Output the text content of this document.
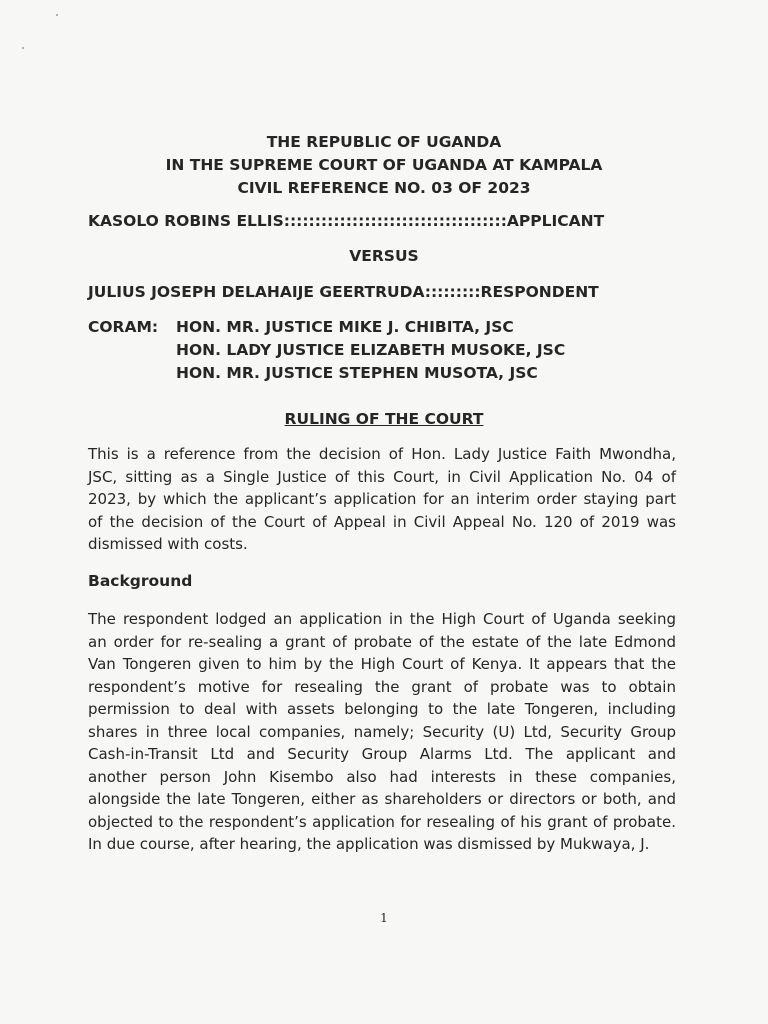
THE REPUBLIC OF UGANDA
IN THE SUPREME COURT OF UGANDA AT KAMPALA
CIVIL REFERENCE NO. 03 OF 2023
KASOLO ROBINS ELLIS::::::::::::::::::::::::::::::::::::APPLICANT
VERSUS
JULIUS JOSEPH DELAHAIJE GEERTRUDA:::::::::RESPONDENT
CORAM:	HON. MR. JUSTICE MIKE J. CHIBITA, JSC
HON. LADY JUSTICE ELIZABETH MUSOKE, JSC
HON. MR. JUSTICE STEPHEN MUSOTA, JSC
RULING OF THE COURT
This is a reference from the decision of Hon. Lady Justice Faith Mwondha,
JSC, sitting as a Single Justice of this Court, in Civil Application No. 04 of
2023, by which the applicant’s application for an interim order staying part
of the decision of the Court of Appeal in Civil Appeal No. 120 of 2019 was
dismissed with costs.
Background
The respondent lodged an application in the High Court of Uganda seeking
an order for re-sealing a grant of probate of the estate of the late Edmond
Van Tongeren given to him by the High Court of Kenya. It appears that the
respondent’s motive for resealing the grant of probate was to obtain
permission to deal with assets belonging to the late Tongeren, including
shares in three local companies, namely; Security (U) Ltd, Security Group
Cash-in-Transit Ltd and Security Group Alarms Ltd. The applicant and
another person John Kisembo also had interests in these companies,
alongside the late Tongeren, either as shareholders or directors or both, and
objected to the respondent’s application for resealing of his grant of probate.
In due course, after hearing, the application was dismissed by Mukwaya, J.
1
